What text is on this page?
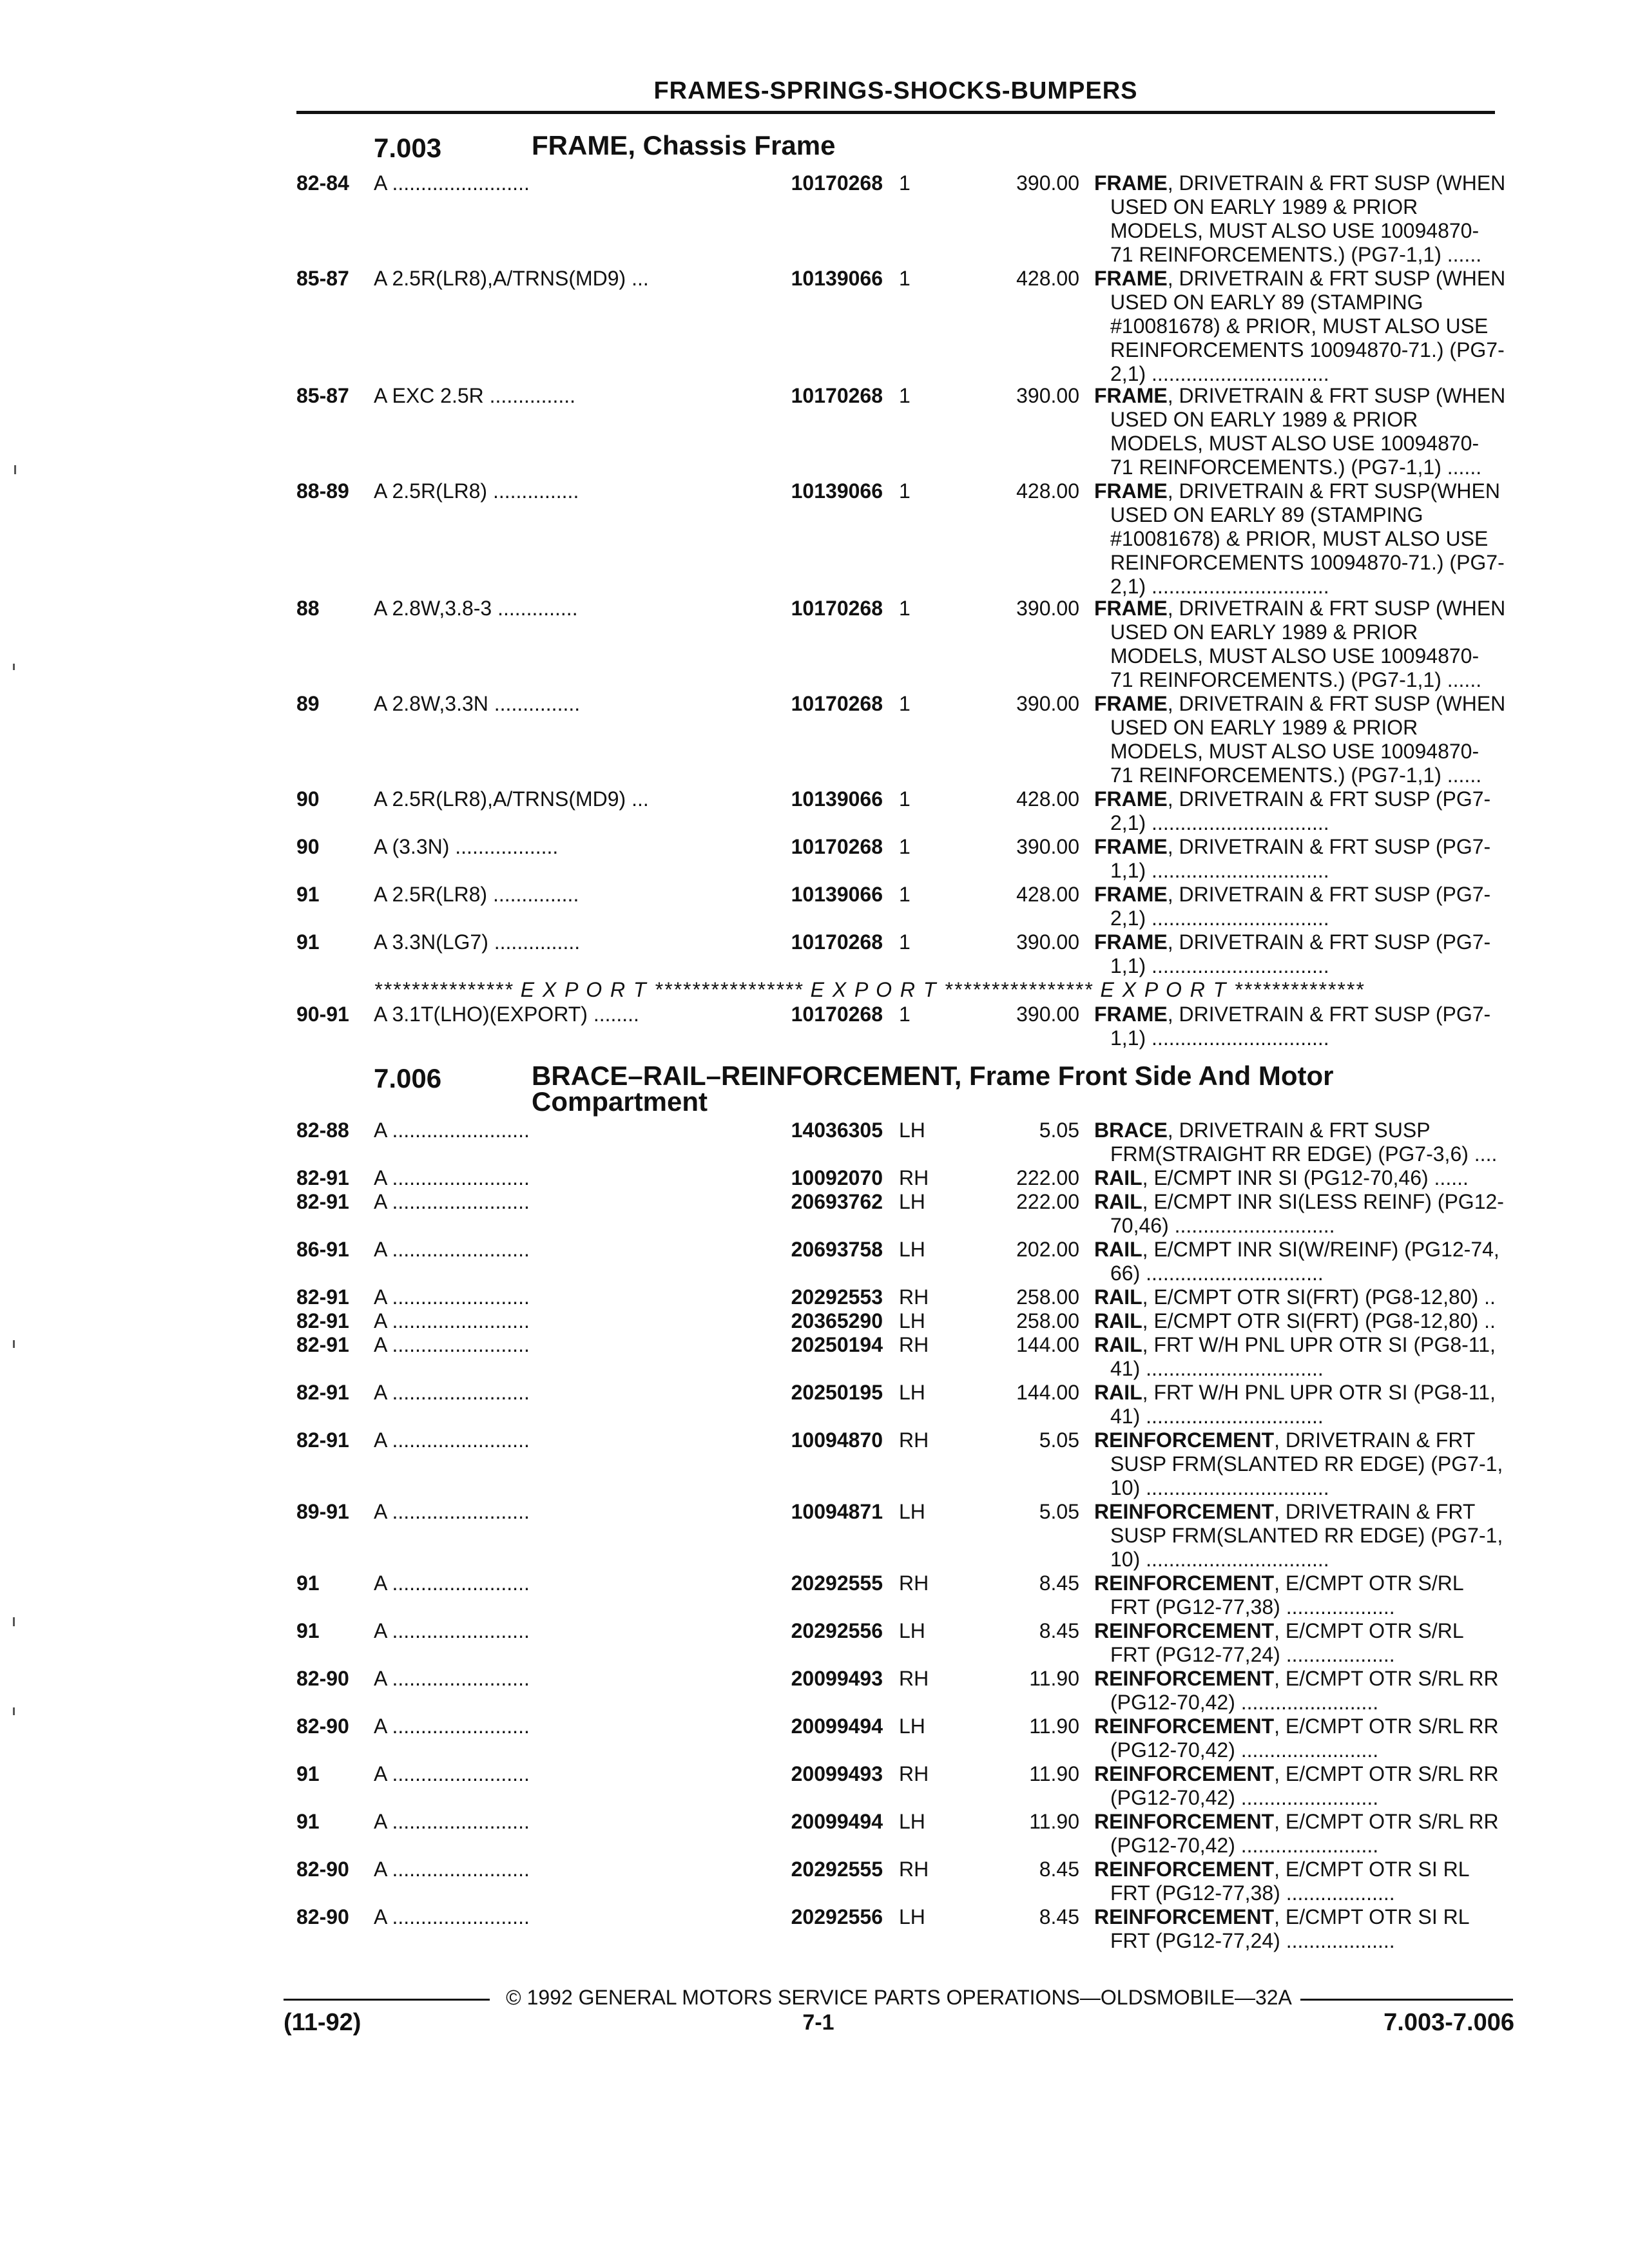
FRAMES-SPRINGS-SHOCKS-BUMPERS
7.003	FRAME, Chassis Frame
7.006	BRACE–RAIL–REINFORCEMENT, Frame Front Side And Motor Compartment
*************** E X P O R T **************** E X P O R T **************** E X P O R T **************
82-84 A ........................	10170268 1	390.00 FRAME, DRIVETRAIN & FRT SUSP (WHEN
USED ON EARLY 1989 & PRIOR
MODELS, MUST ALSO USE 10094870-
71 REINFORCEMENTS.) (PG7-1,1) ......
85-87 A 2.5R(LR8),A/TRNS(MD9) ...	10139066 1	428.00 FRAME, DRIVETRAIN & FRT SUSP (WHEN
USED ON EARLY 89 (STAMPING
#10081678) & PRIOR, MUST ALSO USE
REINFORCEMENTS 10094870-71.) (PG7-
2,1) ...............................
85-87 A EXC 2.5R ...............	10170268 1	390.00 FRAME, DRIVETRAIN & FRT SUSP (WHEN
USED ON EARLY 1989 & PRIOR
MODELS, MUST ALSO USE 10094870-
71 REINFORCEMENTS.) (PG7-1,1) ......
88-89 A 2.5R(LR8) ...............	10139066 1	428.00 FRAME, DRIVETRAIN & FRT SUSP(WHEN
USED ON EARLY 89 (STAMPING
#10081678) & PRIOR, MUST ALSO USE
REINFORCEMENTS 10094870-71.) (PG7-
2,1) ...............................
88	A 2.8W,3.8-3 ..............	10170268 1	390.00 FRAME, DRIVETRAIN & FRT SUSP (WHEN
USED ON EARLY 1989 & PRIOR
MODELS, MUST ALSO USE 10094870-
71 REINFORCEMENTS.) (PG7-1,1) ......
89	A 2.8W,3.3N ...............	10170268 1	390.00 FRAME, DRIVETRAIN & FRT SUSP (WHEN
USED ON EARLY 1989 & PRIOR
MODELS, MUST ALSO USE 10094870-
71 REINFORCEMENTS.) (PG7-1,1) ......
90	A 2.5R(LR8),A/TRNS(MD9) ...	10139066 1	428.00 FRAME, DRIVETRAIN & FRT SUSP (PG7-
2,1) ...............................
90	A (3.3N) ..................	10170268 1	390.00 FRAME, DRIVETRAIN & FRT SUSP (PG7-
1,1) ...............................
91	A 2.5R(LR8) ...............	10139066 1	428.00 FRAME, DRIVETRAIN & FRT SUSP (PG7-
2,1) ...............................
91	A 3.3N(LG7) ...............	10170268 1	390.00 FRAME, DRIVETRAIN & FRT SUSP (PG7-
1,1) ...............................
90-91 A 3.1T(LHO)(EXPORT) ........	10170268 1	390.00 FRAME, DRIVETRAIN & FRT SUSP (PG7-
1,1) ...............................
82-88 A ........................	14036305 LH	5.05 BRACE, DRIVETRAIN & FRT SUSP
FRM(STRAIGHT RR EDGE) (PG7-3,6) ....
82-91 A ........................	10092070 RH	222.00 RAIL, E/CMPT INR SI (PG12-70,46) ......
82-91 A ........................	20693762 LH	222.00 RAIL, E/CMPT INR SI(LESS REINF) (PG12-
70,46) ............................
86-91 A ........................	20693758 LH	202.00 RAIL, E/CMPT INR SI(W/REINF) (PG12-74,
66) ...............................
82-91 A ........................	20292553 RH	258.00 RAIL, E/CMPT OTR SI(FRT) (PG8-12,80) ..
82-91 A ........................	20365290 LH	258.00 RAIL, E/CMPT OTR SI(FRT) (PG8-12,80) ..
82-91 A ........................	20250194 RH	144.00 RAIL, FRT W/H PNL UPR OTR SI (PG8-11,
41) ...............................
82-91 A ........................	20250195 LH	144.00 RAIL, FRT W/H PNL UPR OTR SI (PG8-11,
41) ...............................
82-91 A ........................	10094870 RH	5.05 REINFORCEMENT, DRIVETRAIN & FRT
SUSP FRM(SLANTED RR EDGE) (PG7-1,
10) ................................
89-91 A ........................	10094871 LH	5.05 REINFORCEMENT, DRIVETRAIN & FRT
SUSP FRM(SLANTED RR EDGE) (PG7-1,
10) ................................
91	A ........................	20292555 RH	8.45 REINFORCEMENT, E/CMPT OTR S/RL
FRT (PG12-77,38) ...................
91	A ........................	20292556 LH	8.45 REINFORCEMENT, E/CMPT OTR S/RL
FRT (PG12-77,24) ...................
82-90 A ........................	20099493 RH	11.90 REINFORCEMENT, E/CMPT OTR S/RL RR
(PG12-70,42) ........................
82-90 A ........................	20099494 LH	11.90 REINFORCEMENT, E/CMPT OTR S/RL RR
(PG12-70,42) ........................
91	A ........................	20099493 RH	11.90 REINFORCEMENT, E/CMPT OTR S/RL RR
(PG12-70,42) ........................
91	A ........................	20099494 LH	11.90 REINFORCEMENT, E/CMPT OTR S/RL RR
(PG12-70,42) ........................
82-90 A ........................	20292555 RH	8.45 REINFORCEMENT, E/CMPT OTR SI RL
FRT (PG12-77,38) ...................
82-90 A ........................	20292556 LH	8.45 REINFORCEMENT, E/CMPT OTR SI RL
FRT (PG12-77,24) ...................
© 1992 GENERAL MOTORS SERVICE PARTS OPERATIONS—OLDSMOBILE—32A
(11-92)	7-1	7.003-7.006
